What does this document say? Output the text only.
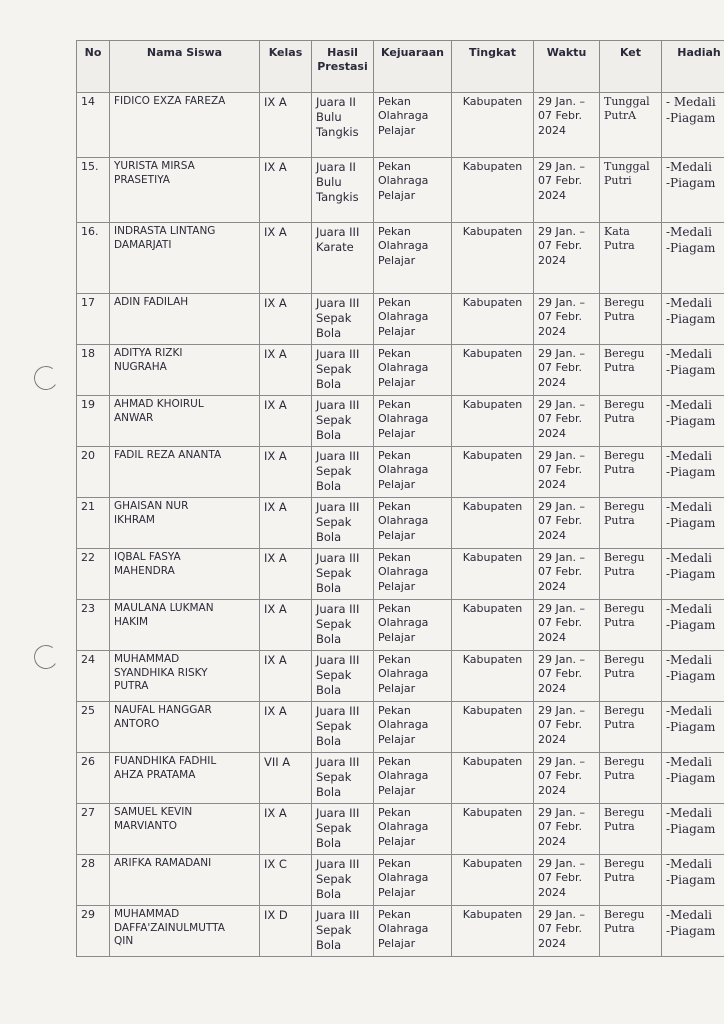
No	Nama Siswa	Kelas	Hasil Prestasi	Kejuaraan	Tingkat	Waktu	Ket	Hadiah

14	FIDICO EXZA FAREZA	IX A	Juara II
Bulu
Tangkis	Pekan
Olahraga
Pelajar	Kabupaten	29 Jan. –
07 Febr.
2024	Tunggal
PutrA	- Medali
-Piagam

15.	YURISTA MIRSA
PRASETIYA	IX A	Juara II
Bulu
Tangkis	Pekan
Olahraga
Pelajar	Kabupaten	29 Jan. –
07 Febr.
2024	Tunggal
Putri	-Medali
-Piagam

16.	INDRASTA LINTANG
DAMARJATI	IX A	Juara III
Karate	Pekan
Olahraga
Pelajar	Kabupaten	29 Jan. –
07 Febr.
2024	Kata
Putra	-Medali
-Piagam

17	ADIN FADILAH	IX A	Juara III
Sepak
Bola	Pekan
Olahraga
Pelajar	Kabupaten	29 Jan. –
07 Febr.
2024	Beregu
Putra	-Medali
-Piagam

18	ADITYA RIZKI
NUGRAHA	IX A	Juara III
Sepak
Bola	Pekan
Olahraga
Pelajar	Kabupaten	29 Jan. –
07 Febr.
2024	Beregu
Putra	-Medali
-Piagam

19	AHMAD KHOIRUL
ANWAR	IX A	Juara III
Sepak
Bola	Pekan
Olahraga
Pelajar	Kabupaten	29 Jan. –
07 Febr.
2024	Beregu
Putra	-Medali
-Piagam

20	FADIL REZA ANANTA	IX A	Juara III
Sepak
Bola	Pekan
Olahraga
Pelajar	Kabupaten	29 Jan. –
07 Febr.
2024	Beregu
Putra	-Medali
-Piagam

21	GHAISAN NUR
IKHRAM	IX A	Juara III
Sepak
Bola	Pekan
Olahraga
Pelajar	Kabupaten	29 Jan. –
07 Febr.
2024	Beregu
Putra	-Medali
-Piagam

22	IQBAL FASYA
MAHENDRA	IX A	Juara III
Sepak
Bola	Pekan
Olahraga
Pelajar	Kabupaten	29 Jan. –
07 Febr.
2024	Beregu
Putra	-Medali
-Piagam

23	MAULANA LUKMAN
HAKIM	IX A	Juara III
Sepak
Bola	Pekan
Olahraga
Pelajar	Kabupaten	29 Jan. –
07 Febr.
2024	Beregu
Putra	-Medali
-Piagam

24	MUHAMMAD
SYANDHIKA RISKY
PUTRA	IX A	Juara III
Sepak
Bola	Pekan
Olahraga
Pelajar	Kabupaten	29 Jan. –
07 Febr.
2024	Beregu
Putra	-Medali
-Piagam

25	NAUFAL HANGGAR
ANTORO	IX A	Juara III
Sepak
Bola	Pekan
Olahraga
Pelajar	Kabupaten	29 Jan. –
07 Febr.
2024	Beregu
Putra	-Medali
-Piagam

26	FUANDHIKA FADHIL
AHZA PRATAMA	VII A	Juara III
Sepak
Bola	Pekan
Olahraga
Pelajar	Kabupaten	29 Jan. –
07 Febr.
2024	Beregu
Putra	-Medali
-Piagam

27	SAMUEL KEVIN
MARVIANTO	IX A	Juara III
Sepak
Bola	Pekan
Olahraga
Pelajar	Kabupaten	29 Jan. –
07 Febr.
2024	Beregu
Putra	-Medali
-Piagam

28	ARIFKA RAMADANI	IX C	Juara III
Sepak
Bola	Pekan
Olahraga
Pelajar	Kabupaten	29 Jan. –
07 Febr.
2024	Beregu
Putra	-Medali
-Piagam

29	MUHAMMAD
DAFFA'ZAINULMUTTA
QIN	IX D	Juara III
Sepak
Bola	Pekan
Olahraga
Pelajar	Kabupaten	29 Jan. –
07 Febr.
2024	Beregu
Putra	-Medali
-Piagam
